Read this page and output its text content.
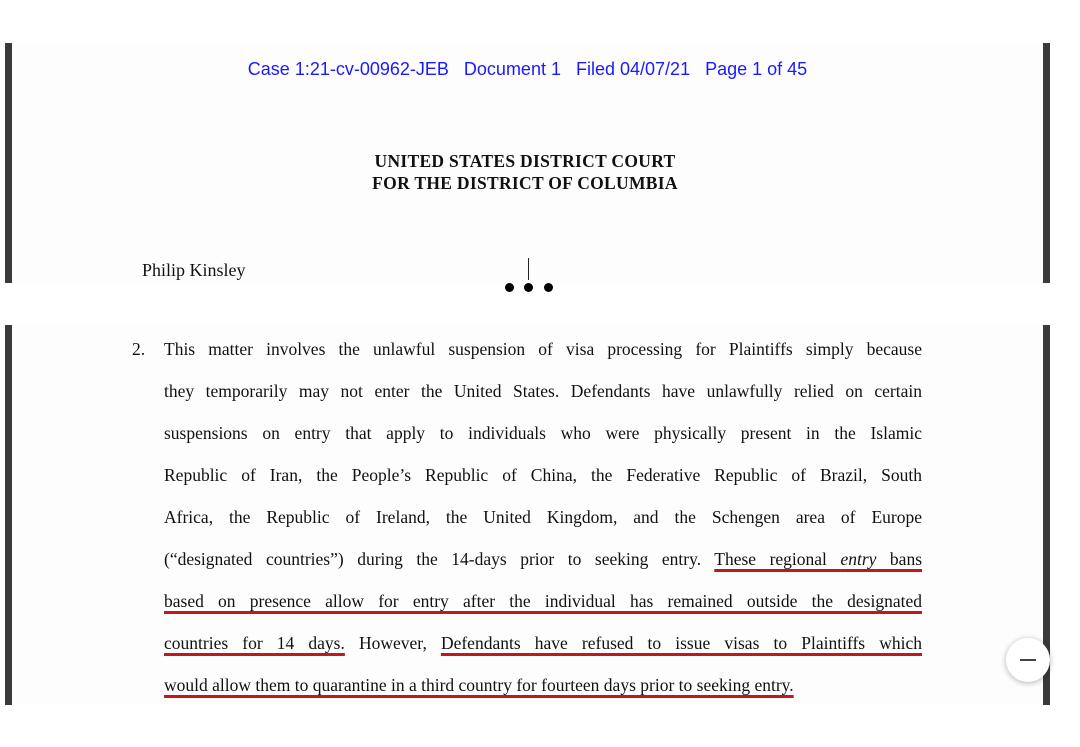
Case 1:21-cv-00962-JEB Document 1 Filed 04/07/21 Page 1 of 45
UNITED STATES DISTRICT COURT
FOR THE DISTRICT OF COLUMBIA
Philip Kinsley
2. This matter involves the unlawful suspension of visa processing for Plaintiffs simply because
they temporarily may not enter the United States. Defendants have unlawfully relied on certain
suspensions on entry that apply to individuals who were physically present in the Islamic
Republic of Iran, the People’s Republic of China, the Federative Republic of Brazil, South
Africa, the Republic of Ireland, the United Kingdom, and the Schengen area of Europe
(“designated countries”) during the 14-days prior to seeking entry. These regional entry bans
based on presence allow for entry after the individual has remained outside the designated
countries for 14 days. However, Defendants have refused to issue visas to Plaintiffs which
would allow them to quarantine in a third country for fourteen days prior to seeking entry.
